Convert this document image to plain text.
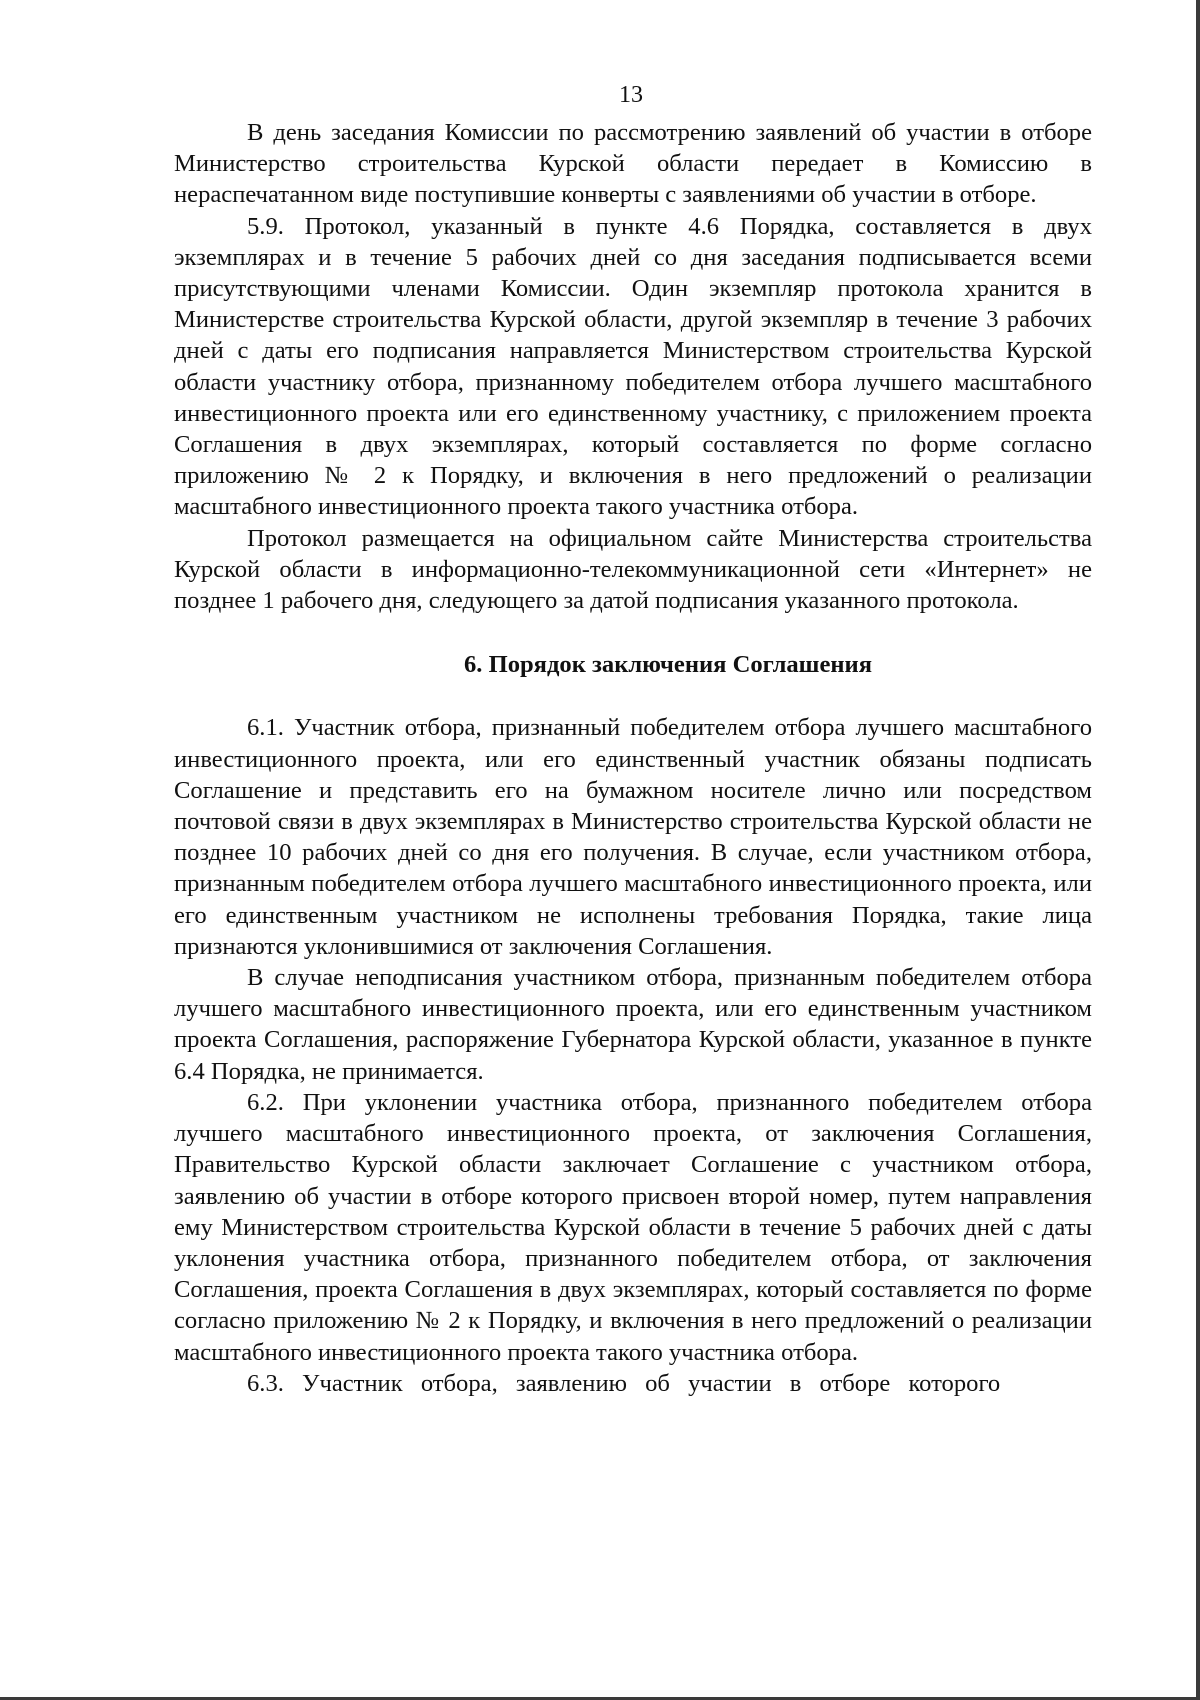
13

В день заседания Комиссии по рассмотрению заявлений об участии в отборе Министерство строительства Курской области передает в Комиссию в нераспечатанном виде поступившие конверты с заявлениями об участии в отборе.

5.9. Протокол, указанный в пункте 4.6 Порядка, составляется в двух экземплярах и в течение 5 рабочих дней со дня заседания подписывается всеми присутствующими членами Комиссии. Один экземпляр протокола хранится в Министерстве строительства Курской области, другой экземпляр в течение 3 рабочих дней с даты его подписания направляется Министерством строительства Курской области участнику отбора, признанному победителем отбора лучшего масштабного инвестиционного проекта или его единственному участнику, с приложением проекта Соглашения в двух экземплярах, который составляется по форме согласно приложению № 2 к Порядку, и включения в него предложений о реализации масштабного инвестиционного проекта такого участника отбора.

Протокол размещается на официальном сайте Министерства строительства Курской области в информационно-телекоммуникационной сети «Интернет» не позднее 1 рабочего дня, следующего за датой подписания указанного протокола.

6. Порядок заключения Соглашения

6.1. Участник отбора, признанный победителем отбора лучшего масштабного инвестиционного проекта, или его единственный участник обязаны подписать Соглашение и представить его на бумажном носителе лично или посредством почтовой связи в двух экземплярах в Министерство строительства Курской области не позднее 10 рабочих дней со дня его получения. В случае, если участником отбора, признанным победителем отбора лучшего масштабного инвестиционного проекта, или его единственным участником не исполнены требования Порядка, такие лица признаются уклонившимися от заключения Соглашения.

В случае неподписания участником отбора, признанным победителем отбора лучшего масштабного инвестиционного проекта, или его единственным участником проекта Соглашения, распоряжение Губернатора Курской области, указанное в пункте 6.4 Порядка, не принимается.

6.2. При уклонении участника отбора, признанного победителем отбора лучшего масштабного инвестиционного проекта, от заключения Соглашения, Правительство Курской области заключает Соглашение с участником отбора, заявлению об участии в отборе которого присвоен второй номер, путем направления ему Министерством строительства Курской области в течение 5 рабочих дней с даты уклонения участника отбора, признанного победителем отбора, от заключения Соглашения, проекта Соглашения в двух экземплярах, который составляется по форме согласно приложению № 2 к Порядку, и включения в него предложений о реализации масштабного инвестиционного проекта такого участника отбора.

6.3. Участник отбора, заявлению об участии в отборе которого
